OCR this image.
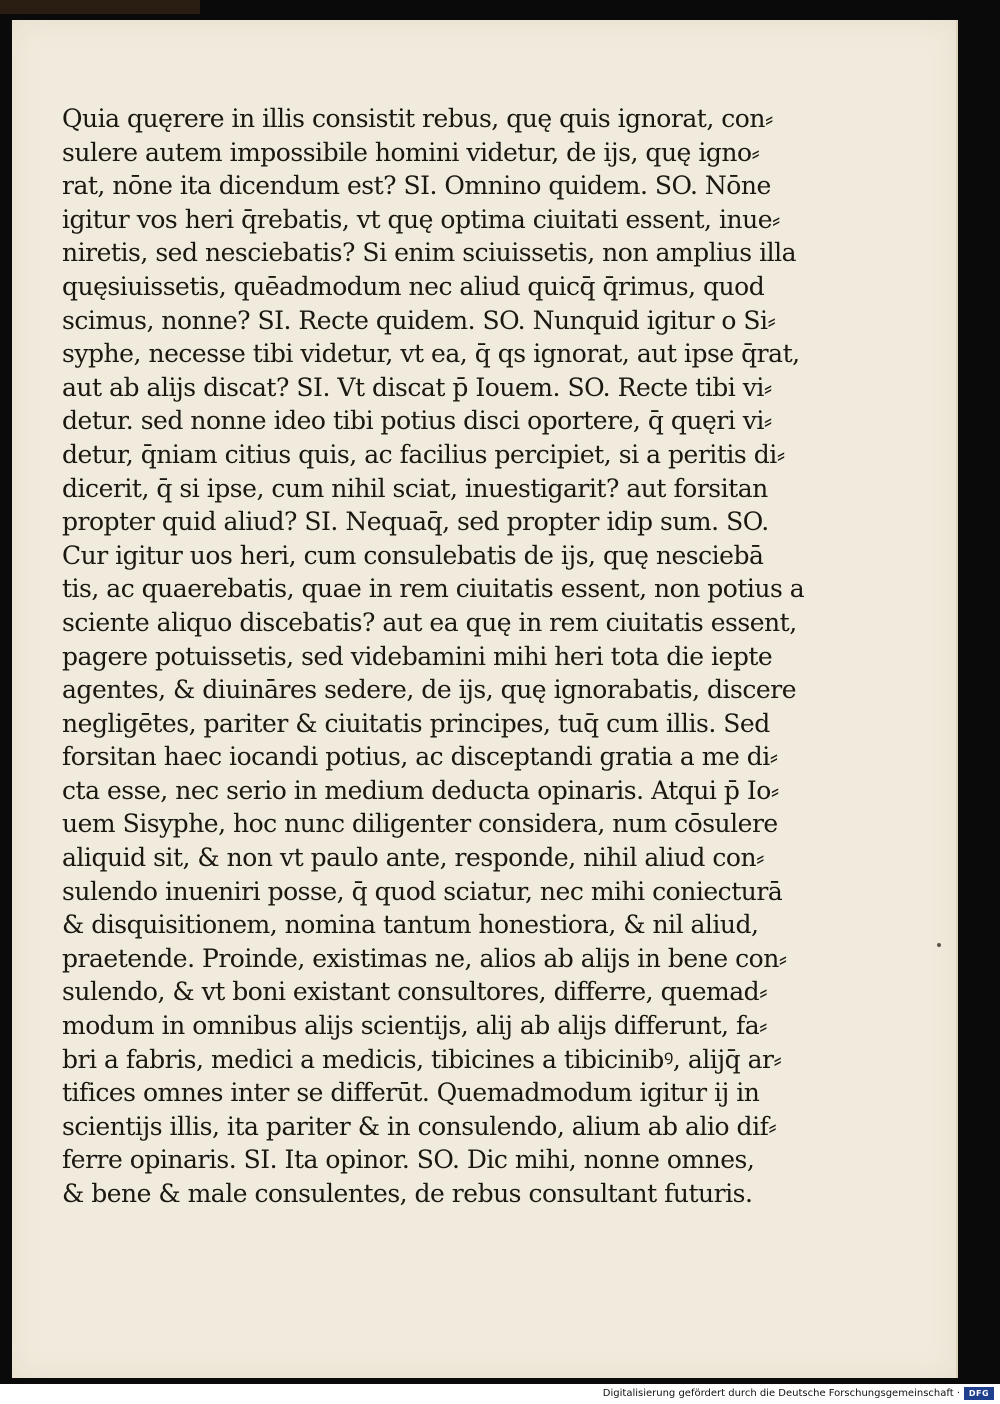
Quia quęrere in illis consistit rebus, quę quis ignorat, con⸗
sulere autem impossibile homini videtur, de ijs, quę igno⸗
rat, nōne ita dicendum est? SI. Omnino quidem. SO. Nōne
igitur vos heri q̄rebatis, vt quę optima ciuitati essent, inue⸗
niretis, sed nesciebatis? Si enim sciuissetis, non amplius illa
quęsiuissetis, quēadmodum nec aliud quicq̄ q̄rimus, quod
scimus, nonne? SI. Recte quidem. SO. Nunquid igitur o Si⸗
syphe, necesse tibi videtur, vt ea, q̄ qs ignorat, aut ipse q̄rat,
aut ab alijs discat? SI. Vt discat p̄ Iouem. SO. Recte tibi vi⸗
detur. sed nonne ideo tibi potius disci oportere, q̄ quęri vi⸗
detur, q̄niam citius quis, ac facilius percipiet, si a peritis di⸗
dicerit, q̄ si ipse, cum nihil sciat, inuestigarit? aut forsitan
propter quid aliud? SI. Nequaq̄, sed propter idip sum. SO.
Cur igitur uos heri, cum consulebatis de ijs, quę nesciebā
tis, ac quaerebatis, quae in rem ciuitatis essent, non potius a
sciente aliquo discebatis? aut ea quę in rem ciuitatis essent,
pagere potuissetis, sed videbamini mihi heri tota die iepte
agentes, & diuināres sedere, de ijs, quę ignorabatis, discere
negligētes, pariter & ciuitatis principes, tuq̄ cum illis. Sed
forsitan haec iocandi potius, ac disceptandi gratia a me di⸗
cta esse, nec serio in medium deducta opinaris. Atqui p̄ Io⸗
uem Sisyphe, hoc nunc diligenter considera, num cōsulere
aliquid sit, & non vt paulo ante, responde, nihil aliud con⸗
sulendo inueniri posse, q̄ quod sciatur, nec mihi coniecturā
& disquisitionem, nomina tantum honestiora, & nil aliud,
praetende. Proinde, existimas ne, alios ab alijs in bene con⸗
sulendo, & vt boni existant consultores, differre, quemad⸗
modum in omnibus alijs scientijs, alij ab alijs differunt, fa⸗
bri a fabris, medici a medicis, tibicines a tibicinibꝰ, alijq̄ ar⸗
tifices omnes inter se differūt. Quemadmodum igitur ij in
scientijs illis, ita pariter & in consulendo, alium ab alio dif⸗
ferre opinaris. SI. Ita opinor. SO. Dic mihi, nonne omnes,
& bene & male consulentes, de rebus consultant futuris.
Digitalisierung gefördert durch die Deutsche Forschungsgemeinschaft ·	DFG
